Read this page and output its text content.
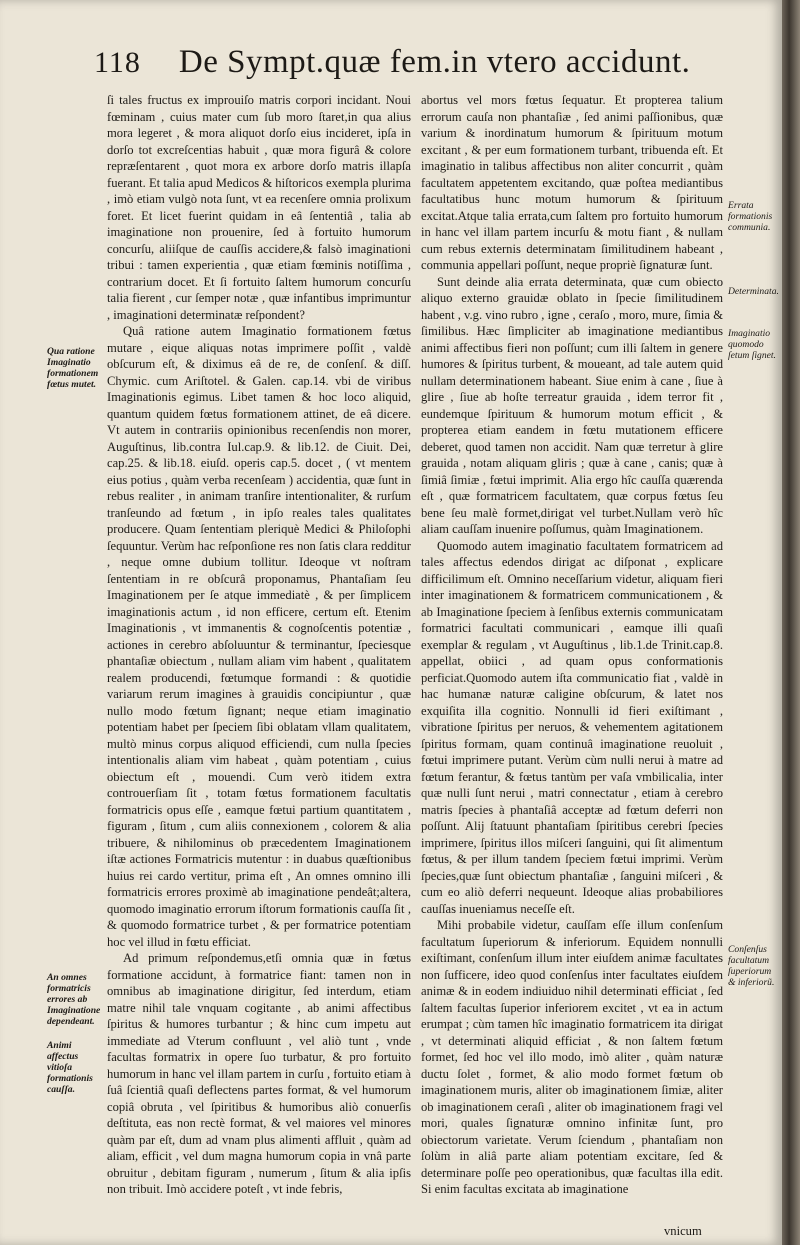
118 De Sympt.quæ fem.in vtero accidunt.

ſi tales fructus ex improuiſo matris corpori incidant. Noui fœminam , cuius mater cum ſub moro ſtaret,in qua alius mora legeret , & mora aliquot dorſo eius incideret, ipſa in dorſo tot excreſcentias habuit , quæ mora figurâ & colore repræſentarent , quot mora ex arbore dorſo matris illapſa fuerant. Et talia apud Medicos & hiſtoricos exempla plurima , imò etiam vulgò nota ſunt, vt ea recenſere omnia prolixum foret. Et licet fuerint quidam in eâ ſententiâ , talia ab imaginatione non prouenire, ſed à fortuito humorum concurſu, aliiſque de cauſſis accidere,& falsò imaginationi tribui : tamen experientia , quæ etiam fœminis notiſſima , contrarium docet. Et ſi fortuito ſaltem humorum concurſu talia fierent , cur ſemper notæ , quæ infantibus imprimuntur , imaginationi determinatæ reſpondent?

Quâ ratione autem Imaginatio formationem fœtus mutare , eique aliquas notas imprimere poſſit , valdè obſcurum eſt, & diximus eâ de re, de conſenſ. & diſſ. Chymic. cum Ariſtotel. & Galen. cap.14. vbi de viribus Imaginationis egimus. Libet tamen & hoc loco aliquid, quantum quidem fœtus formationem attinet, de eâ dicere. Vt autem in contrariis opinionibus recenſendis non morer, Auguſtinus, lib.contra Iul.cap.9. & lib.12. de Ciuit. Dei, cap.25. & lib.18. eiuſd. operis cap.5. docet , ( vt mentem eius potius , quàm verba recenſeam ) accidentia, quæ ſunt in rebus realiter , in animam tranſire intentionaliter, & rurſum tranſeundo ad fœtum , in ipſo reales tales qualitates producere. Quam ſententiam pleriquè Medici & Philoſophi ſequuntur. Verùm hac reſponſione res non ſatis clara redditur , neque omne dubium tollitur. Ideoque vt noſtram ſententiam in re obſcurâ proponamus, Phantaſiam ſeu Imaginationem per ſe atque immediatè , & per ſimplicem imaginationis actum , id non efficere, certum eſt. Etenim Imaginationis , vt immanentis & cognoſcentis potentiæ , actiones in cerebro abſoluuntur & terminantur, ſpeciesque phantaſiæ obiectum , nullam aliam vim habent , qualitatem realem producendi, fœtumque formandi : & quotidie variarum rerum imagines à grauidis concipiuntur , quæ nullo modo fœtum ſignant; neque etiam imaginatio potentiam habet per ſpeciem ſibi oblatam vllam qualitatem, multò minus corpus aliquod efficiendi, cum nulla ſpecies intentionalis aliam vim habeat , quàm potentiam , cuius obiectum eſt , mouendi. Cum verò itidem extra controuerſiam ſit , totam fœtus formationem facultatis formatricis opus eſſe , eamque fœtui partium quantitatem , figuram , ſitum , cum aliis connexionem , colorem & alia tribuere, & nihilominus ob præcedentem Imaginationem iſtæ actiones Formatricis mutentur : in duabus quæſtionibus huius rei cardo vertitur, prima eſt , An omnes omnino illi formatricis errores proximè ab imaginatione pendeât;altera, quomodo imaginatio errorum iſtorum formationis cauſſa ſit , & quomodo formatrice turbet , & per formatrice potentiam hoc vel illud in fœtu efficiat.

Ad primum reſpondemus,etſi omnia quæ in fœtus formatione accidunt, à formatrice fiant: tamen non in omnibus ab imaginatione dirigitur, ſed interdum, etiam matre nihil tale vnquam cogitante , ab animi affectibus ſpiritus & humores turbantur ; & hinc cum impetu aut immediate ad Vterum confluunt , vel aliò tunt , vnde facultas formatrix in opere ſuo turbatur, & pro fortuito humorum in hanc vel illam partem in curſu , fortuito etiam à ſuâ ſcientiâ quaſi deflectens partes format, & vel humorum copiâ obruta , vel ſpiritibus & humoribus aliò conuerſis deſtituta, eas non rectè format, & vel maiores vel minores quàm par eſt, dum ad vnam plus alimenti affluit , quàm ad aliam, efficit , vel dum magna humorum copia in vnâ parte obruitur , debitam figuram , numerum , ſitum & alia ipſis non tribuit. Imò accidere poteſt , vt inde febris,

abortus vel mors fœtus ſequatur. Et propterea talium errorum cauſa non phantaſiæ , ſed animi paſſionibus, quæ varium & inordinatum humorum & ſpirituum motum excitant , & per eum formationem turbant, tribuenda eſt. Et imaginatio in talibus affectibus non aliter concurrit , quàm facultatem appetentem excitando, quæ poſtea mediantibus facultatibus hunc motum humorum & ſpirituum excitat.Atque talia errata,cum ſaltem pro fortuito humorum in hanc vel illam partem incurſu & motu fiant , & nullam cum rebus externis determinatam ſimilitudinem habeant , communia appellari poſſunt, neque propriè ſignaturæ ſunt.

Sunt deinde alia errata determinata, quæ cum obiecto aliquo externo grauidæ oblato in ſpecie ſimilitudinem habent , v.g. vino rubro , igne , ceraſo , moro, mure, ſimia & ſimilibus. Hæc ſimpliciter ab imaginatione mediantibus animi affectibus fieri non poſſunt; cum illi ſaltem in genere humores & ſpiritus turbent, & moueant, ad tale autem quid nullam determinationem habeant. Siue enim à cane , ſiue à glire , ſiue ab hoſte terreatur grauida , idem terror fit , eundemque ſpirituum & humorum motum efficit , & propterea etiam eandem in fœtu mutationem efficere deberet, quod tamen non accidit. Nam quæ terretur à glire grauida , notam aliquam gliris ; quæ à cane , canis; quæ à ſimiâ ſimiæ , fœtui imprimit. Alia ergo hîc cauſſa quærenda eſt , quæ formatricem facultatem, quæ corpus fœtus ſeu bene ſeu malè formet,dirigat vel turbet.Nullam verò hîc aliam cauſſam inuenire poſſumus, quàm Imaginationem.

Quomodo autem imaginatio facultatem formatricem ad tales affectus edendos dirigat ac diſponat , explicare difficilimum eſt. Omnino neceſſarium videtur, aliquam fieri inter imaginationem & formatricem communicationem , & ab Imaginatione ſpeciem à ſenſibus externis communicatam formatrici facultati communicari , eamque illi quaſi exemplar & regulam , vt Auguſtinus , lib.1.de Trinit.cap.8. appellat, obiici , ad quam opus conformationis perficiat.Quomodo autem iſta communicatio fiat , valdè in hac humanæ naturæ caligine obſcurum, & latet nos exquiſita illa cognitio. Nonnulli id fieri exiſtimant , vibratione ſpiritus per neruos, & vehementem agitationem ſpiritus formam, quam continuâ imaginatione reuoluit , fœtui imprimere putant. Verùm cùm nulli nerui à matre ad fœtum ferantur, & fœtus tantùm per vaſa vmbilicalia, inter quæ nulli ſunt nerui , matri connectatur , etiam à cerebro matris ſpecies à phantaſiâ acceptæ ad fœtum deferri non poſſunt. Alij ſtatuunt phantaſiam ſpiritibus cerebri ſpecies imprimere, ſpiritus illos miſceri ſanguini, qui ſit alimentum fœtus, & per illum tandem ſpeciem fœtui imprimi. Verùm ſpecies,quæ ſunt obiectum phantaſiæ , ſanguini miſceri , & cum eo aliò deferri nequeunt. Ideoque alias probabiliores cauſſas inueniamus neceſſe eſt.

Mihi probabile videtur, cauſſam eſſe illum conſenſum facultatum ſuperiorum & inferiorum. Equidem nonnulli exiſtimant, conſenſum illum inter eiuſdem animæ facultates non ſufficere, ideo quod conſenſus inter facultates eiuſdem animæ & in eodem indiuiduo nihil determinati efficiat , ſed ſaltem facultas ſuperior inferiorem excitet , vt ea in actum erumpat ; cùm tamen hîc imaginatio formatricem ita dirigat , vt determinati aliquid efficiat , & non ſaltem fœtum formet, ſed hoc vel illo modo, imò aliter , quàm naturæ ductu ſolet , formet, & alio modo formet fœtum ob imaginationem muris, aliter ob imaginationem ſimiæ, aliter ob imaginationem ceraſi , aliter ob imaginationem fragi vel mori, quales ſignaturæ omnino infinitæ ſunt, pro obiectorum varietate. Verum ſciendum , phantaſiam non ſolùm in aliâ parte aliam potentiam excitare, ſed & determinare poſſe peo operationibus, quæ facultas illa edit. Si enim facultas excitata ab imaginatione

Qua ratione Imaginatio formationem fœtus mutet.
An omnes formatricis errores ab Imaginatione dependeant.
Animi affectus vitioſa formationis cauſſa.
Errata formationis communia.
Determinata.
Imaginatio quomodo ſetum ſignet.
Conſenſus facultatum ſuperiorum & inferiorũ.
vnicum
